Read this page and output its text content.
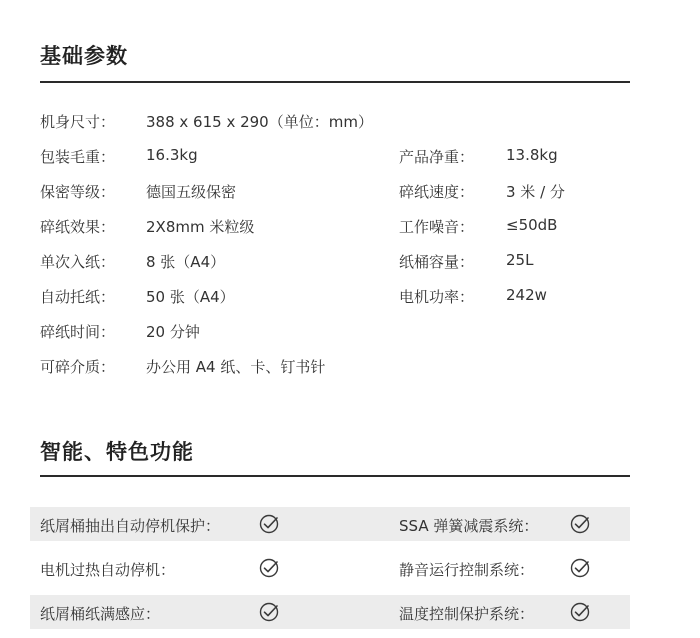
基础参数
机身尺寸： 388 x 615 x 290（单位：mm）
包装毛重： 16.3kg	产品净重： 13.8kg
保密等级： 德国五级保密	碎纸速度： 3 米 / 分
碎纸效果： 2X8mm 米粒级	工作噪音： ≤50dB
单次入纸： 8 张（A4）	纸桶容量： 25L
自动托纸： 50 张（A4）	电机功率： 242w
碎纸时间： 20 分钟
可碎介质： 办公用 A4 纸、卡、钉书针
智能、特色功能
纸屑桶抽出自动停机保护：	SSA 弹簧减震系统：
电机过热自动停机：	静音运行控制系统：
纸屑桶纸满感应：	温度控制保护系统：
